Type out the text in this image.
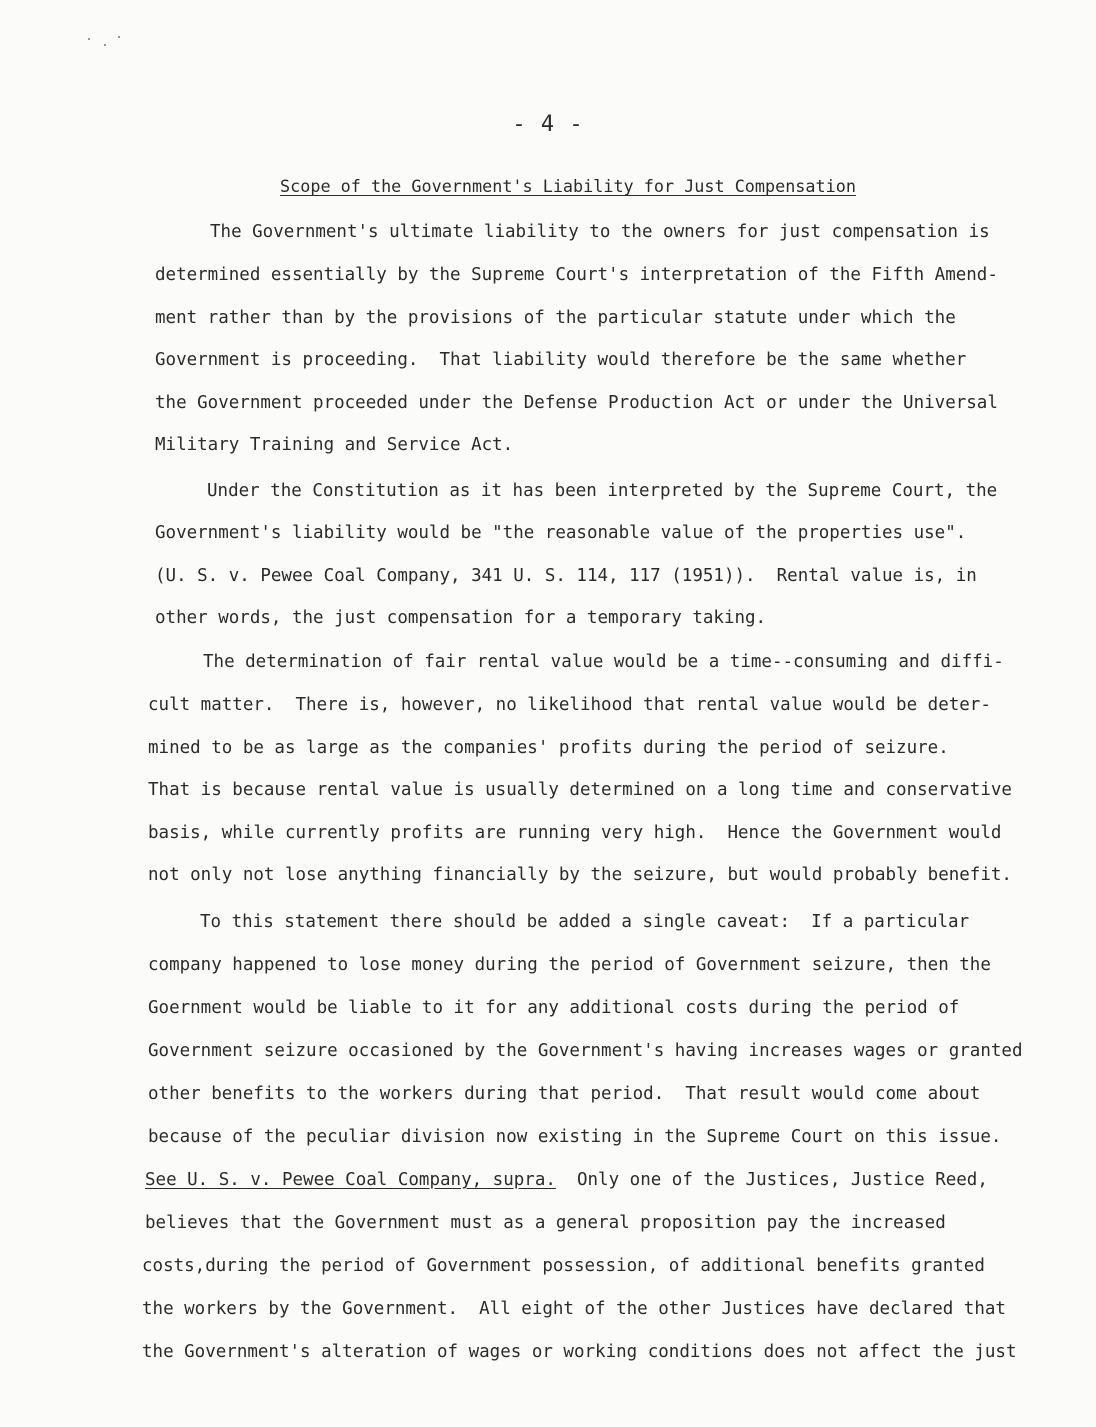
- 4 -
Scope of the Government's Liability for Just Compensation
The Government's ultimate liability to the owners for just compensation is
determined essentially by the Supreme Court's interpretation of the Fifth Amend-
ment rather than by the provisions of the particular statute under which the
Government is proceeding.  That liability would therefore be the same whether
the Government proceeded under the Defense Production Act or under the Universal
Military Training and Service Act.
Under the Constitution as it has been interpreted by the Supreme Court, the
Government's liability would be "the reasonable value of the properties use".
(U. S. v. Pewee Coal Company, 341 U. S. 114, 117 (1951)).  Rental value is, in
other words, the just compensation for a temporary taking.
The determination of fair rental value would be a time--consuming and diffi-
cult matter.  There is, however, no likelihood that rental value would be deter-
mined to be as large as the companies' profits during the period of seizure.
That is because rental value is usually determined on a long time and conservative
basis, while currently profits are running very high.  Hence the Government would
not only not lose anything financially by the seizure, but would probably benefit.
To this statement there should be added a single caveat:  If a particular
company happened to lose money during the period of Government seizure, then the
Goernment would be liable to it for any additional costs during the period of
Government seizure occasioned by the Government's having increases wages or granted
other benefits to the workers during that period.  That result would come about
because of the peculiar division now existing in the Supreme Court on this issue.
See U. S. v. Pewee Coal Company, supra. Only one of the Justices, Justice Reed,
believes that the Government must as a general proposition pay the increased
costs,during the period of Government possession, of additional benefits granted
the workers by the Government.  All eight of the other Justices have declared that
the Government's alteration of wages or working conditions does not affect the just
